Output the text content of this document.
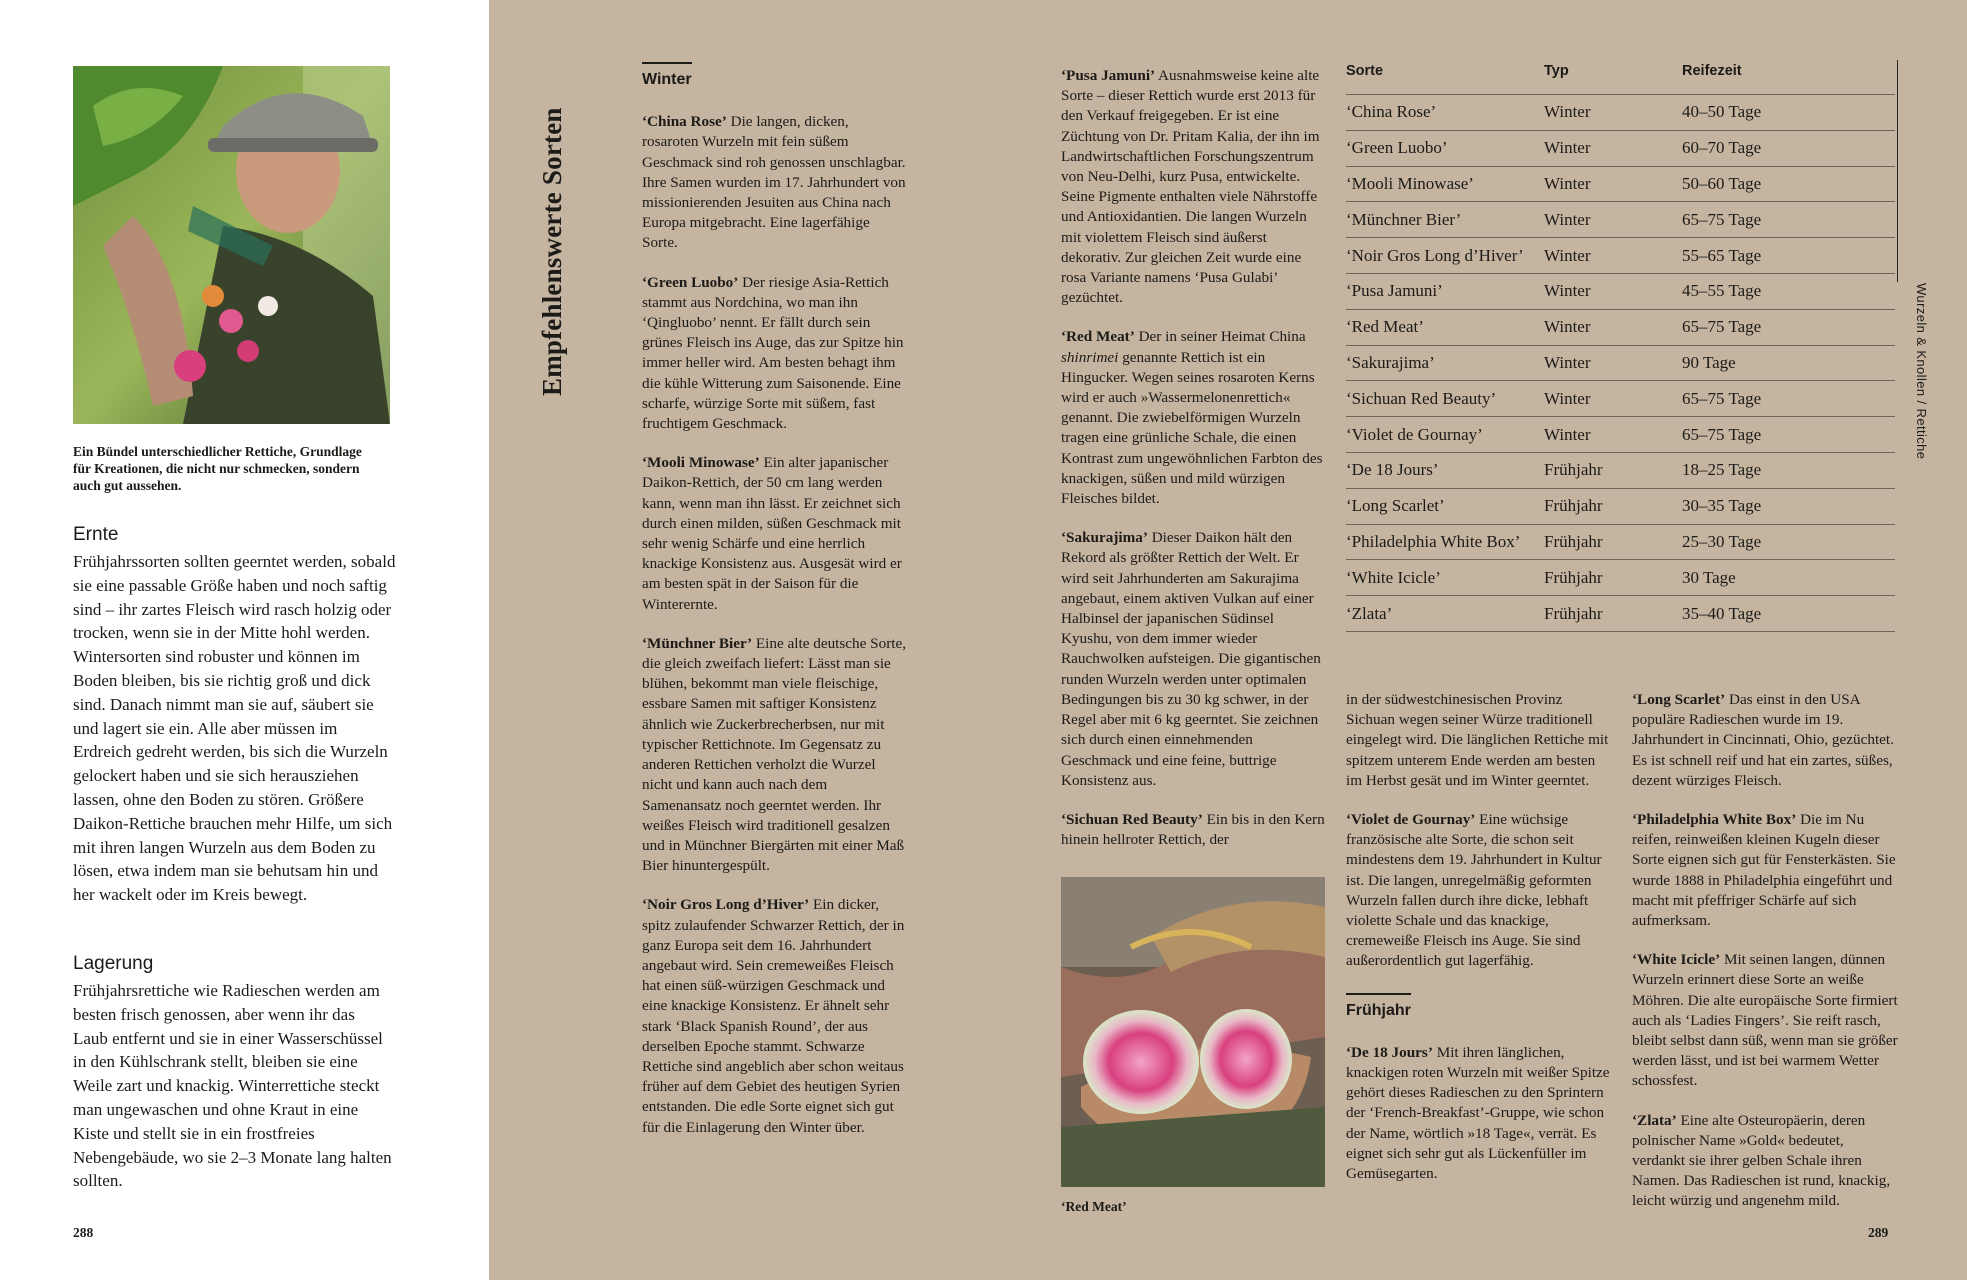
Ein Bündel unterschiedlicher Rettiche, Grundlage für Kreationen, die nicht nur schmecken, sondern auch gut aussehen.
Ernte
Frühjahrssorten sollten geerntet werden, sobald sie eine passable Größe haben und noch saftig sind – ihr zartes Fleisch wird rasch holzig oder trocken, wenn sie in der Mitte hohl werden. Wintersorten sind robuster und können im Boden bleiben, bis sie richtig groß und dick sind. Danach nimmt man sie auf, säubert sie und lagert sie ein. Alle aber müssen im Erdreich gedreht werden, bis sich die Wurzeln gelockert haben und sie sich herausziehen lassen, ohne den Boden zu stören. Größere Daikon-Rettiche brauchen mehr Hilfe, um sich mit ihren langen Wurzeln aus dem Boden zu lösen, etwa indem man sie behutsam hin und her wackelt oder im Kreis bewegt.
Lagerung
Frühjahrsrettiche wie Radieschen werden am besten frisch genossen, aber wenn ihr das Laub entfernt und sie in einer Wasserschüssel in den Kühlschrank stellt, bleiben sie eine Weile zart und knackig. Winterrettiche steckt man ungewaschen und ohne Kraut in eine Kiste und stellt sie in ein frostfreies Nebengebäude, wo sie 2–3 Monate lang halten sollten.
288
Empfehlenswerte Sorten
Winter

‘China Rose’ Die langen, dicken, rosaroten Wurzeln mit fein süßem Geschmack sind roh genossen unschlagbar. Ihre Samen wurden im 17. Jahrhundert von missionierenden Jesuiten aus China nach Europa mitgebracht. Eine lagerfähige Sorte.

‘Green Luobo’ Der riesige Asia-Rettich stammt aus Nordchina, wo man ihn ‘Qingluobo’ nennt. Er fällt durch sein grünes Fleisch ins Auge, das zur Spitze hin immer heller wird. Am besten behagt ihm die kühle Witterung zum Saisonende. Eine scharfe, würzige Sorte mit süßem, fast fruchtigem Geschmack.

‘Mooli Minowase’ Ein alter japanischer Daikon-Rettich, der 50 cm lang werden kann, wenn man ihn lässt. Er zeichnet sich durch einen milden, süßen Geschmack mit sehr wenig Schärfe und eine herrlich knackige Konsistenz aus. Ausgesät wird er am besten spät in der Saison für die Winterernte.

‘Münchner Bier’ Eine alte deutsche Sorte, die gleich zweifach liefert: Lässt man sie blühen, bekommt man viele fleischige, essbare Samen mit saftiger Konsistenz ähnlich wie Zuckerbrecherbsen, nur mit typischer Rettichnote. Im Gegensatz zu anderen Rettichen verholzt die Wurzel nicht und kann auch nach dem Samenansatz noch geerntet werden. Ihr weißes Fleisch wird traditionell gesalzen und in Münchner Biergärten mit einer Maß Bier hinuntergespült.

‘Noir Gros Long d’Hiver’ Ein dicker, spitz zulaufender Schwarzer Rettich, der in ganz Europa seit dem 16. Jahrhundert angebaut wird. Sein cremeweißes Fleisch hat einen süß-würzigen Geschmack und eine knackige Konsistenz. Er ähnelt sehr stark ‘Black Spanish Round’, der aus derselben Epoche stammt. Schwarze Rettiche sind angeblich aber schon weitaus früher auf dem Gebiet des heutigen Syrien entstanden. Die edle Sorte eignet sich gut für die Einlagerung den Winter über.

‘Pusa Jamuni’ Ausnahmsweise keine alte Sorte – dieser Rettich wurde erst 2013 für den Verkauf freigegeben. Er ist eine Züchtung von Dr. Pritam Kalia, der ihn im Landwirtschaftlichen Forschungszentrum von Neu-Delhi, kurz Pusa, entwickelte. Seine Pigmente enthalten viele Nährstoffe und Antioxidantien. Die langen Wurzeln mit violettem Fleisch sind äußerst dekorativ. Zur gleichen Zeit wurde eine rosa Variante namens ‘Pusa Gulabi’ gezüchtet.

‘Red Meat’ Der in seiner Heimat China shinrimei genannte Rettich ist ein Hingucker. Wegen seines rosaroten Kerns wird er auch »Wassermelonenrettich« genannt. Die zwiebelförmigen Wurzeln tragen eine grünliche Schale, die einen Kontrast zum ungewöhnlichen Farbton des knackigen, süßen und mild würzigen Fleisches bildet.

‘Sakurajima’ Dieser Daikon hält den Rekord als größter Rettich der Welt. Er wird seit Jahrhunderten am Sakurajima angebaut, einem aktiven Vulkan auf einer Halbinsel der japanischen Südinsel Kyushu, von dem immer wieder Rauchwolken aufsteigen. Die gigantischen runden Wurzeln werden unter optimalen Bedingungen bis zu 30 kg schwer, in der Regel aber mit 6 kg geerntet. Sie zeichnen sich durch einen einnehmenden Geschmack und eine feine, buttrige Konsistenz aus.

‘Sichuan Red Beauty’ Ein bis in den Kern hinein hellroter Rettich, der

‘Red Meat’

in der südwestchinesischen Provinz Sichuan wegen seiner Würze traditionell eingelegt wird. Die länglichen Rettiche mit spitzem unterem Ende werden am besten im Herbst gesät und im Winter geerntet.

‘Violet de Gournay’ Eine wüchsige französische alte Sorte, die schon seit mindestens dem 19. Jahrhundert in Kultur ist. Die langen, unregelmäßig geformten Wurzeln fallen durch ihre dicke, lebhaft violette Schale und das knackige, cremeweiße Fleisch ins Auge. Sie sind außerordentlich gut lagerfähig.

Frühjahr

‘De 18 Jours’ Mit ihren länglichen, knackigen roten Wurzeln mit weißer Spitze gehört dieses Radieschen zu den Sprintern der ‘French-Breakfast’-Gruppe, wie schon der Name, wörtlich »18 Tage«, verrät. Es eignet sich sehr gut als Lückenfüller im Gemüsegarten.

‘Long Scarlet’ Das einst in den USA populäre Radieschen wurde im 19. Jahrhundert in Cincinnati, Ohio, gezüchtet. Es ist schnell reif und hat ein zartes, süßes, dezent würziges Fleisch.

‘Philadelphia White Box’ Die im Nu reifen, reinweißen kleinen Kugeln dieser Sorte eignen sich gut für Fensterkästen. Sie wurde 1888 in Philadelphia eingeführt und macht mit pfeffriger Schärfe auf sich aufmerksam.

‘White Icicle’ Mit seinen langen, dünnen Wurzeln erinnert diese Sorte an weiße Möhren. Die alte europäische Sorte firmiert auch als ‘Ladies Fingers’. Sie reift rasch, bleibt selbst dann süß, wenn man sie größer werden lässt, und ist bei warmem Wetter schossfest.

‘Zlata’ Eine alte Osteuropäerin, deren polnischer Name »Gold« bedeutet, verdankt sie ihrer gelben Schale ihren Namen. Das Radieschen ist rund, knackig, leicht würzig und angenehm mild.

Sorte	Typ	Reifezeit
‘China Rose’	Winter	40–50 Tage
‘Green Luobo’	Winter	60–70 Tage
‘Mooli Minowase’	Winter	50–60 Tage
‘Münchner Bier’	Winter	65–75 Tage
‘Noir Gros Long d’Hiver’	Winter	55–65 Tage
‘Pusa Jamuni’	Winter	45–55 Tage
‘Red Meat’	Winter	65–75 Tage
‘Sakurajima’	Winter	90 Tage
‘Sichuan Red Beauty’	Winter	65–75 Tage
‘Violet de Gournay’	Winter	65–75 Tage
‘De 18 Jours’	Frühjahr	18–25 Tage
‘Long Scarlet’	Frühjahr	30–35 Tage
‘Philadelphia White Box’	Frühjahr	25–30 Tage
‘White Icicle’	Frühjahr	30 Tage
‘Zlata’	Frühjahr	35–40 Tage
Wurzeln & Knollen / Rettiche
289
